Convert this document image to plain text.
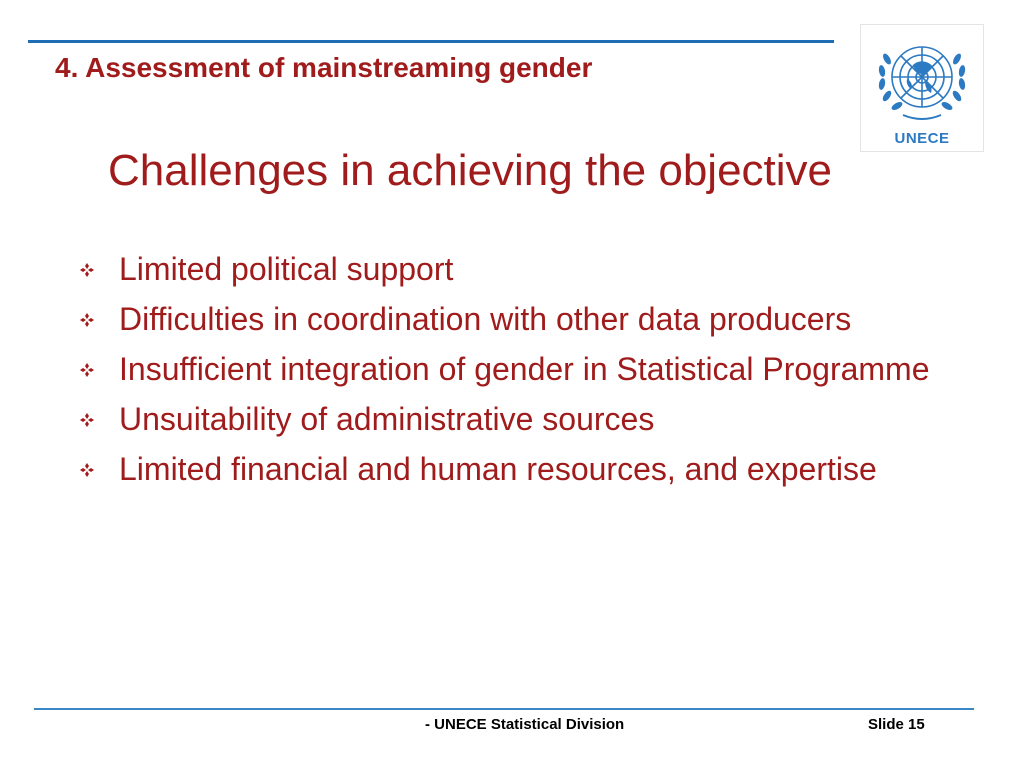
4. Assessment of mainstreaming gender
UNECE
Challenges in achieving the objective
Limited political support
Difficulties in coordination with other data producers
Insufficient integration of gender in Statistical Programme
Unsuitability of administrative sources
Limited financial and human resources, and expertise
- UNECE Statistical Division	Slide 15
